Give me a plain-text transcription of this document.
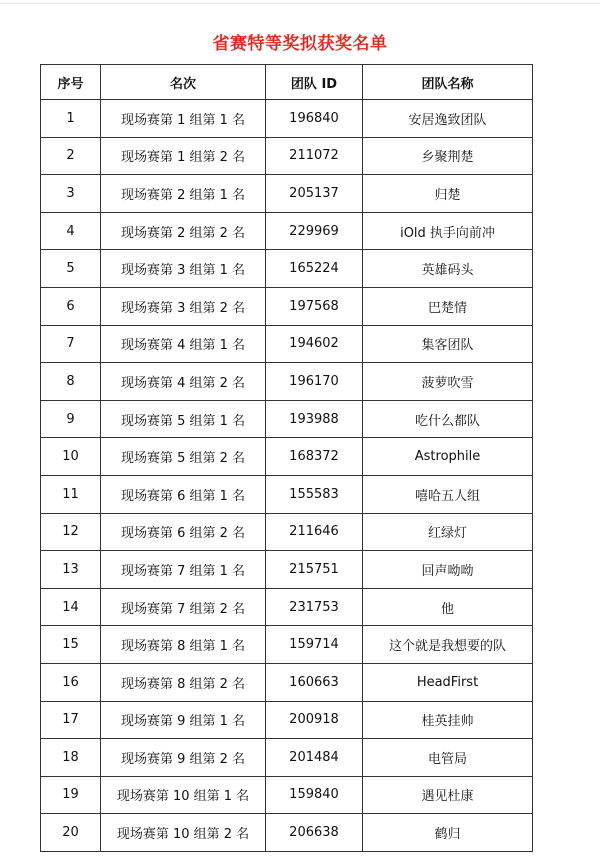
省赛特等奖拟获奖名单
序号	名次	团队 ID	团队名称
1	现场赛第 1 组第 1 名	196840	安居逸致团队
2	现场赛第 1 组第 2 名	211072	乡聚荆楚
3	现场赛第 2 组第 1 名	205137	归楚
4	现场赛第 2 组第 2 名	229969	iOld 执手向前冲
5	现场赛第 3 组第 1 名	165224	英雄码头
6	现场赛第 3 组第 2 名	197568	巴楚情
7	现场赛第 4 组第 1 名	194602	集客团队
8	现场赛第 4 组第 2 名	196170	菠萝吹雪
9	现场赛第 5 组第 1 名	193988	吃什么都队
10	现场赛第 5 组第 2 名	168372	Astrophile
11	现场赛第 6 组第 1 名	155583	嘻哈五人组
12	现场赛第 6 组第 2 名	211646	红绿灯
13	现场赛第 7 组第 1 名	215751	回声呦呦
14	现场赛第 7 组第 2 名	231753	他
15	现场赛第 8 组第 1 名	159714	这个就是我想要的队
16	现场赛第 8 组第 2 名	160663	HeadFirst
17	现场赛第 9 组第 1 名	200918	桂英挂帅
18	现场赛第 9 组第 2 名	201484	电管局
19	现场赛第 10 组第 1 名	159840	遇见杜康
20	现场赛第 10 组第 2 名	206638	鹤归
